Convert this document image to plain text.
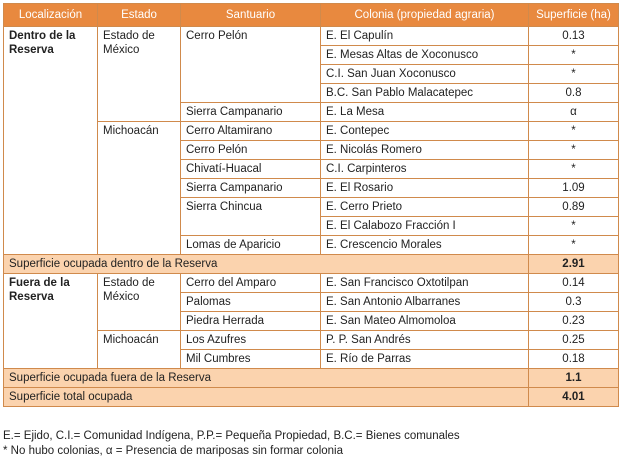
Localización	Estado	Santuario	Colonia (propiedad agraria)	Superficie (ha)
Dentro de la Reserva	Estado de México	Cerro Pelón	E. El Capulín	0.13
			E. Mesas Altas de Xoconusco	*
			C.I. San Juan Xoconusco	*
			B.C. San Pablo Malacatepec	0.8
		Sierra Campanario	E. La Mesa	α
	Michoacán	Cerro Altamirano	E. Contepec	*
		Cerro Pelón	E. Nicolás Romero	*
		Chivatí-Huacal	C.I. Carpinteros	*
		Sierra Campanario	E. El Rosario	1.09
		Sierra Chincua	E. Cerro Prieto	0.89
			E. El Calabozo Fracción I	*
		Lomas de Aparicio	E. Crescencio Morales	*
Superficie ocupada dentro de la Reserva				2.91
Fuera de la Reserva	Estado de México	Cerro del Amparo	E. San Francisco Oxtotilpan	0.14
		Palomas	E. San Antonio Albarranes	0.3
		Piedra Herrada	E. San Mateo Almomoloa	0.23
	Michoacán	Los Azufres	P. P. San Andrés	0.25
		Mil Cumbres	E. Río de Parras	0.18
Superficie ocupada fuera de la Reserva				1.1
Superficie total ocupada				4.01
E.= Ejido, C.I.= Comunidad Indígena, P.P.= Pequeña Propiedad, B.C.= Bienes comunales
* No hubo colonias, α = Presencia de mariposas sin formar colonia
